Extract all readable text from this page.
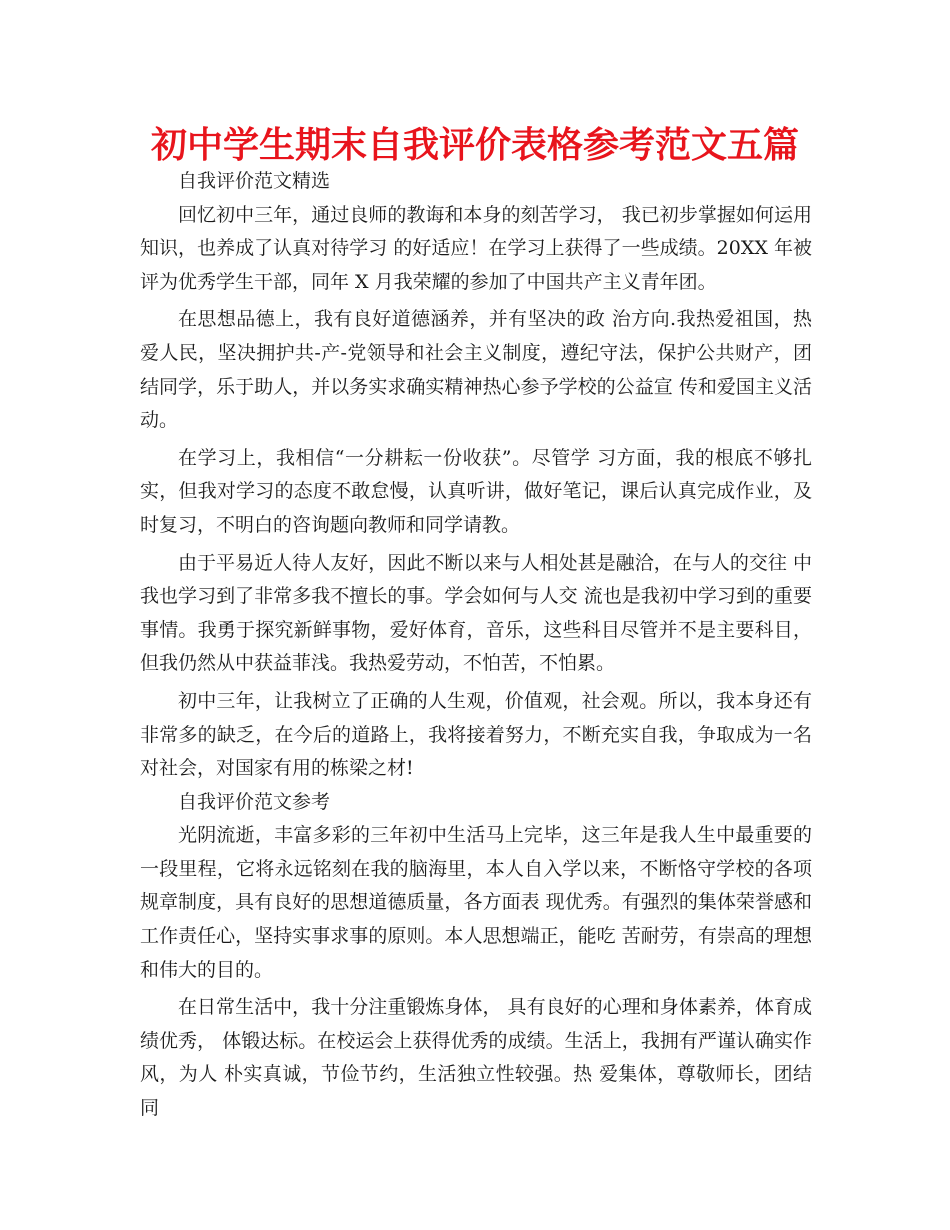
初中学生期末自我评价表格参考范文五篇

自我评价范文精选

回忆初中三年，通过良师的教诲和本身的刻苦学习， 我已初步掌握如何运用知识，也养成了认真对待学习 的好适应！在学习上获得了一些成绩。20XX 年被评为优秀学生干部，同年 X 月我荣耀的参加了中国共产主义青年团。

在思想品德上，我有良好道德涵养，并有坚决的政 治方向.我热爱祖国，热爱人民，坚决拥护共-产-党领导和社会主义制度，遵纪守法，保护公共财产，团结同学，乐于助人，并以务实求确实精神热心参予学校的公益宣 传和爱国主义活动。

在学习上，我相信“一分耕耘一份收获”。尽管学 习方面，我的根底不够扎实，但我对学习的态度不敢怠慢，认真听讲，做好笔记，课后认真完成作业，及时复习，不明白的咨询题向教师和同学请教。

由于平易近人待人友好，因此不断以来与人相处甚是融洽，在与人的交往 中我也学习到了非常多我不擅长的事。学会如何与人交 流也是我初中学习到的重要事情。我勇于探究新鲜事物，爱好体育，音乐，这些科目尽管并不是主要科目，但我仍然从中获益菲浅。我热爱劳动，不怕苦，不怕累。

初中三年，让我树立了正确的人生观，价值观，社会观。所以，我本身还有非常多的缺乏，在今后的道路上，我将接着努力，不断充实自我，争取成为一名对社会，对国家有用的栋梁之材!

自我评价范文参考

光阴流逝，丰富多彩的三年初中生活马上完毕，这三年是我人生中最重要的一段里程，它将永远铭刻在我的脑海里，本人自入学以来，不断恪守学校的各项规章制度，具有良好的思想道德质量，各方面表 现优秀。有强烈的集体荣誉感和工作责任心，坚持实事求事的原则。本人思想端正，能吃 苦耐劳，有崇高的理想和伟大的目的。

在日常生活中，我十分注重锻炼身体， 具有良好的心理和身体素养，体育成绩优秀， 体锻达标。在校运会上获得优秀的成绩。生活上，我拥有严谨认确实作风，为人 朴实真诚，节俭节约，生活独立性较强。热 爱集体，尊敬师长，团结同
